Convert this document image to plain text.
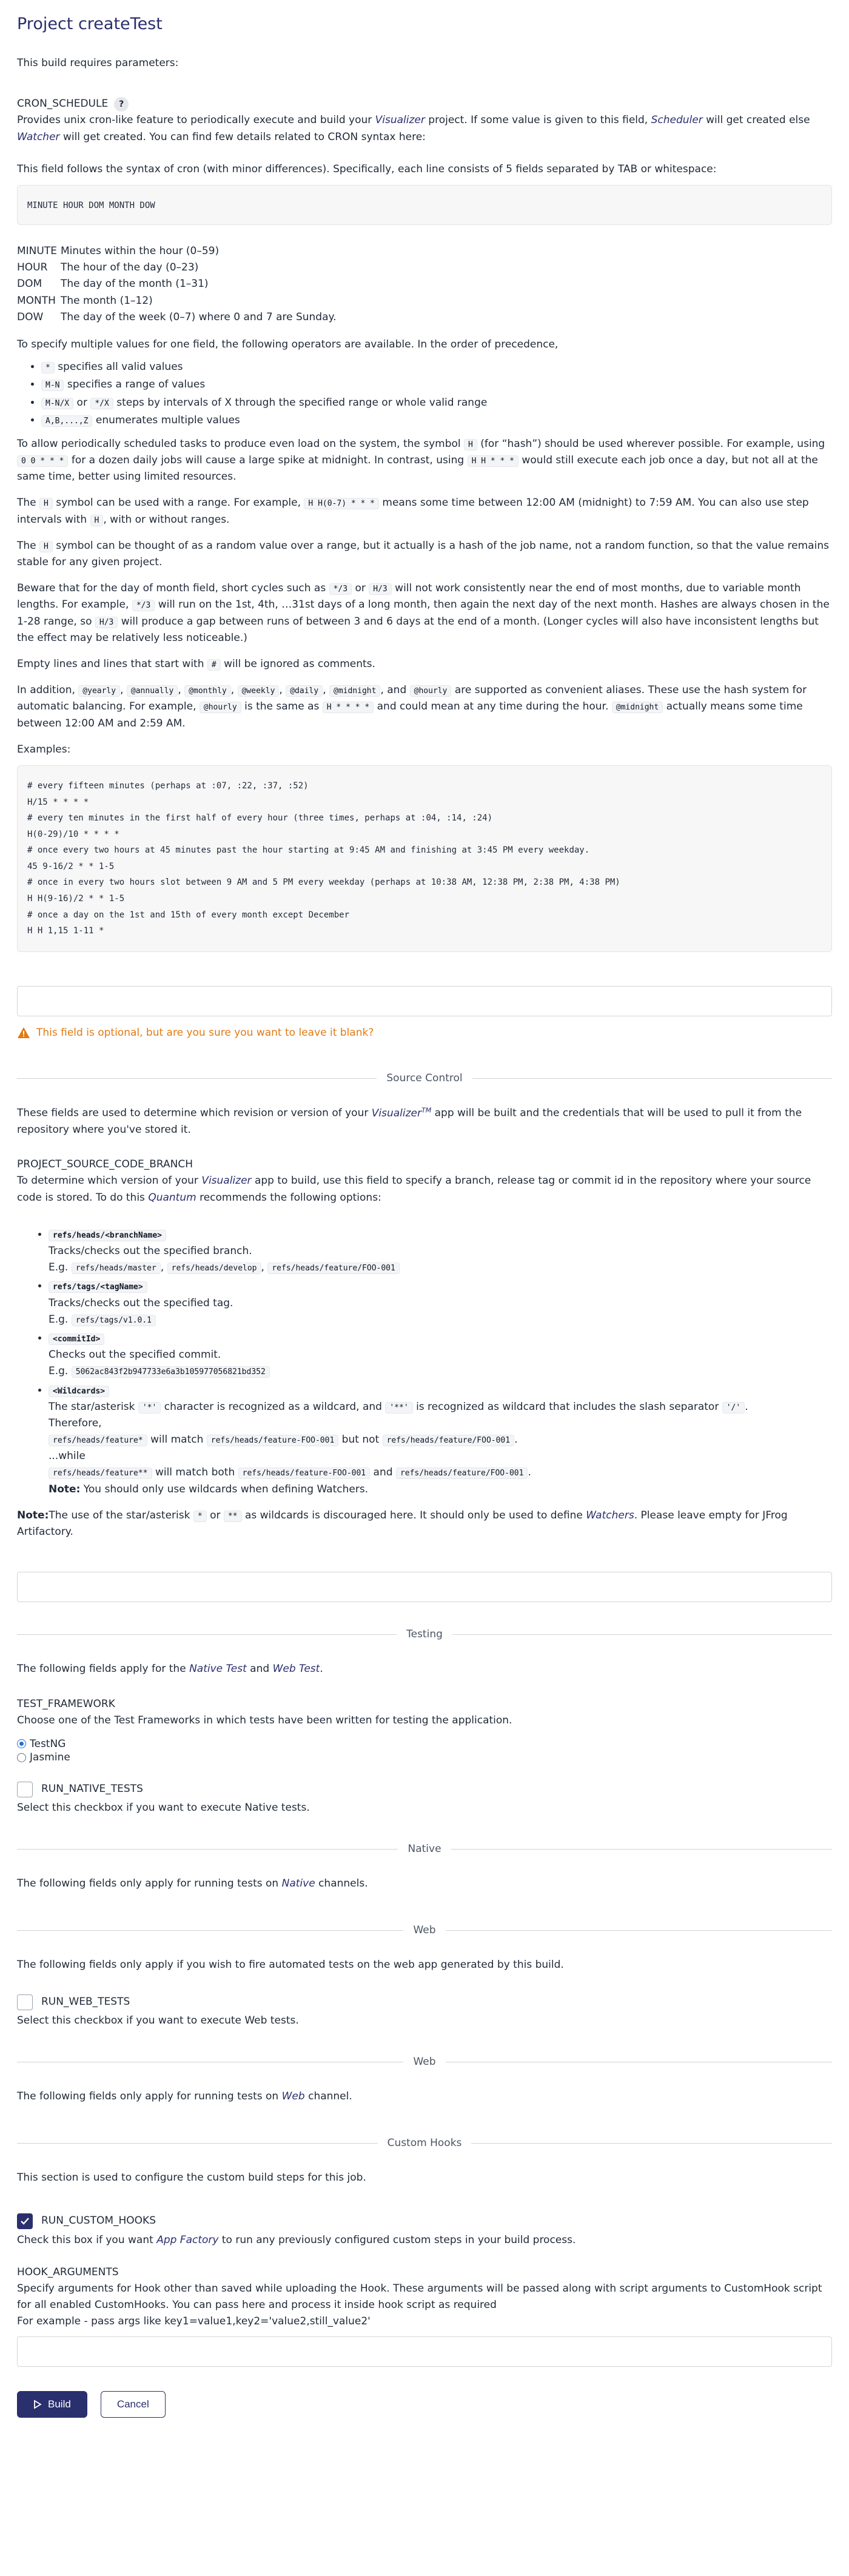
Project createTest

This build requires parameters:

CRON_SCHEDULE	?

Provides unix cron-like feature to periodically execute and build your Visualizer project. If some value is given to this field, Scheduler will get created else Watcher will get created. You can find few details related to CRON syntax here:

This field follows the syntax of cron (with minor differences). Specifically, each line consists of 5 fields separated by TAB or whitespace:

MINUTE HOUR DOM MONTH DOW
MINUTE	Minutes within the hour (0–59)
HOUR	The hour of the day (0–23)
DOM	The day of the month (1–31)
MONTH	The month (1–12)
DOW	The day of the week (0–7) where 0 and 7 are Sunday.

To specify multiple values for one field, the following operators are available. In the order of precedence,

• * specifies all valid values
• M-N specifies a range of values
• M-N/X or */X steps by intervals of X through the specified range or whole valid range
• A,B,...,Z enumerates multiple values

To allow periodically scheduled tasks to produce even load on the system, the symbol H (for “hash”) should be used wherever possible. For example, using 0 0 * * * for a dozen daily jobs will cause a large spike at midnight. In contrast, using H H * * * would still execute each job once a day, but not all at the same time, better using limited resources.

The H symbol can be used with a range. For example, H H(0-7) * * * means some time between 12:00 AM (midnight) to 7:59 AM. You can also use step intervals with H , with or without ranges.

The H symbol can be thought of as a random value over a range, but it actually is a hash of the job name, not a random function, so that the value remains stable for any given project.

Beware that for the day of month field, short cycles such as */3 or H/3 will not work consistently near the end of most months, due to variable month lengths. For example, */3 will run on the 1st, 4th, …31st days of a long month, then again the next day of the next month. Hashes are always chosen in the 1-28 range, so H/3 will produce a gap between runs of between 3 and 6 days at the end of a month. (Longer cycles will also have inconsistent lengths but the effect may be relatively less noticeable.)

Empty lines and lines that start with # will be ignored as comments.

In addition, @yearly , @annually , @monthly , @weekly , @daily , @midnight , and @hourly are supported as convenient aliases. These use the hash system for automatic balancing. For example, @hourly is the same as H * * * * and could mean at any time during the hour. @midnight actually means some time between 12:00 AM and 2:59 AM.

Examples:

# every fifteen minutes (perhaps at :07, :22, :37, :52)
H/15 * * * *
# every ten minutes in the first half of every hour (three times, perhaps at :04, :14, :24)
H(0-29)/10 * * * *
# once every two hours at 45 minutes past the hour starting at 9:45 AM and finishing at 3:45 PM every weekday.
45 9-16/2 * * 1-5
# once in every two hours slot between 9 AM and 5 PM every weekday (perhaps at 10:38 AM, 12:38 PM, 2:38 PM, 4:38 PM)
H H(9-16)/2 * * 1-5
# once a day on the 1st and 15th of every month except December
H H 1,15 1-11 *
This field is optional, but are you sure you want to leave it blank?
Source Control

These fields are used to determine which revision or version of your Visualizer™ app will be built and the credentials that will be used to pull it from the repository where you've stored it.

PROJECT_SOURCE_CODE_BRANCH

To determine which version of your Visualizer app to build, use this field to specify a branch, release tag or commit id in the repository where your source code is stored. To do this Quantum recommends the following options:

• refs/heads/<branchName>
Tracks/checks out the specified branch.
E.g. refs/heads/master , refs/heads/develop , refs/heads/feature/FOO-001
• refs/tags/<tagName>
Tracks/checks out the specified tag.
E.g. refs/tags/v1.0.1
• <commitId>
Checks out the specified commit.
E.g. 5062ac843f2b947733e6a3b105977056821bd352
• <Wildcards>
The star/asterisk '*' character is recognized as a wildcard, and '**' is recognized as wildcard that includes the slash separator '/' .
Therefore,
refs/heads/feature* will match refs/heads/feature-FOO-001 but not refs/heads/feature/FOO-001 .
...while
refs/heads/feature** will match both refs/heads/feature-FOO-001 and refs/heads/feature/FOO-001 .
Note: You should only use wildcards when defining Watchers.

Note:The use of the star/asterisk * or ** as wildcards is discouraged here. It should only be used to define Watchers. Please leave empty for JFrog Artifactory.

Testing

The following fields apply for the Native Test and Web Test.

TEST_FRAMEWORK

Choose one of the Test Frameworks in which tests have been written for testing the application.

TestNG
Jasmine
RUN_NATIVE_TESTS

Select this checkbox if you want to execute Native tests.

Native

The following fields only apply for running tests on Native channels.

Web

The following fields only apply if you wish to fire automated tests on the web app generated by this build.

RUN_WEB_TESTS

Select this checkbox if you want to execute Web tests.

Web

The following fields only apply for running tests on Web channel.

Custom Hooks

This section is used to configure the custom build steps for this job.

RUN_CUSTOM_HOOKS

Check this box if you want App Factory to run any previously configured custom steps in your build process.

HOOK_ARGUMENTS

Specify arguments for Hook other than saved while uploading the Hook. These arguments will be passed along with script arguments to CustomHook script for all enabled CustomHooks. You can pass here and process it inside hook script as required

For example - pass args like key1=value1,key2='value2,still_value2'

Build	Cancel
